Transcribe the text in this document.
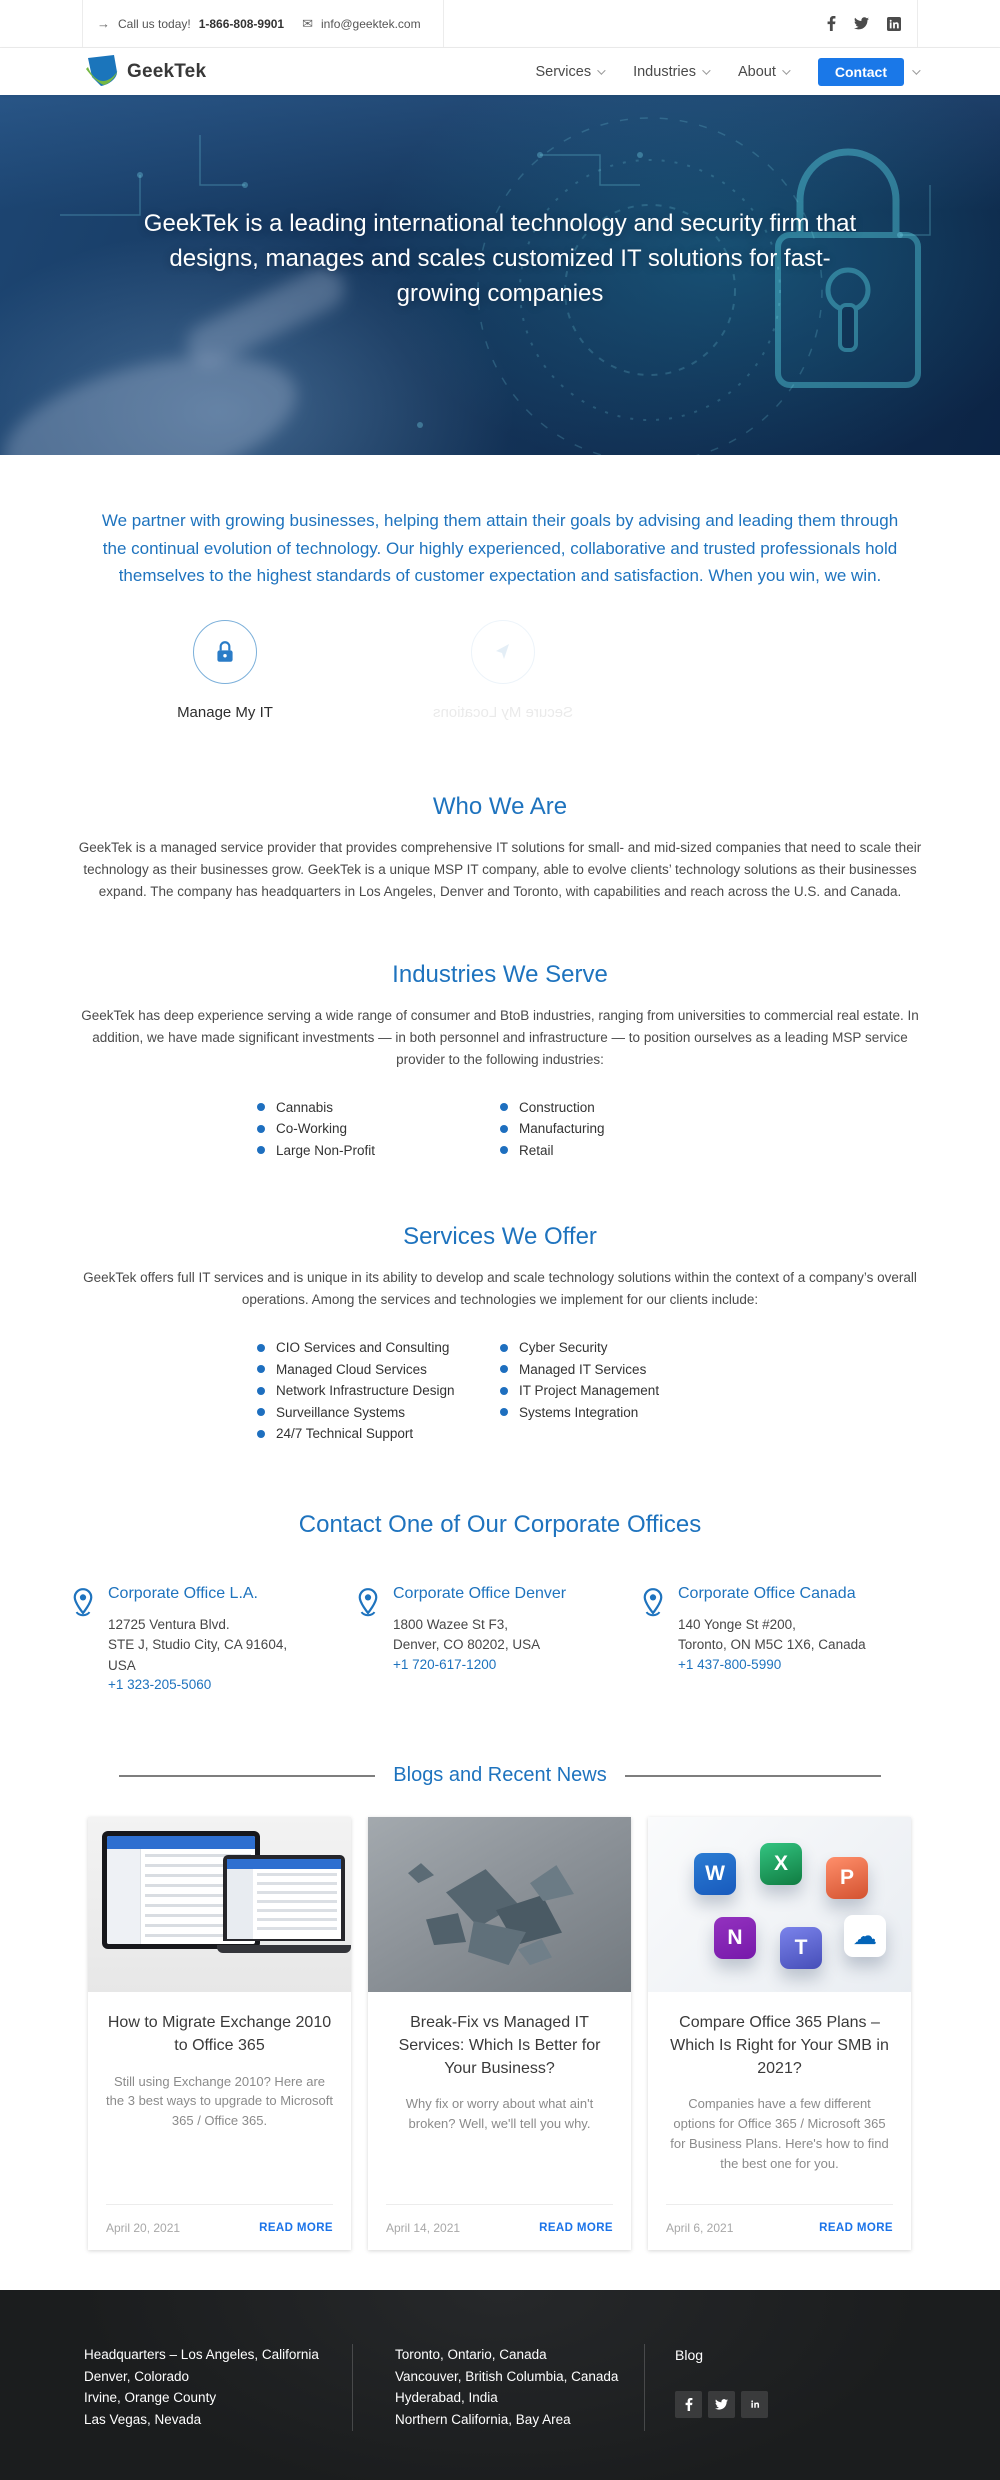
→ Call us today! 1-866-808-9901 ✉ info@geektek.com
GeekTek	Services	Industries	About	Contact
GeekTek is a leading international technology and security firm that designs, manages and scales customized IT solutions for fast-growing companies

We partner with growing businesses, helping them attain their goals by advising and leading them through the continual evolution of technology. Our highly experienced, collaborative and trusted professionals hold themselves to the highest standards of customer expectation and satisfaction. When you win, we win.

Manage My IT	Secure My Locations
Who We Are

GeekTek is a managed service provider that provides comprehensive IT solutions for small- and mid-sized companies that need to scale their technology as their businesses grow. GeekTek is a unique MSP IT company, able to evolve clients’ technology solutions as their businesses expand. The company has headquarters in Los Angeles, Denver and Toronto, with capabilities and reach across the U.S. and Canada.

Industries We Serve

GeekTek has deep experience serving a wide range of consumer and BtoB industries, ranging from universities to commercial real estate. In addition, we have made significant investments — in both personnel and infrastructure — to position ourselves as a leading MSP service provider to the following industries:

Cannabis
Co-Working
Large Non-Profit
Construction
Manufacturing
Retail
Services We Offer

GeekTek offers full IT services and is unique in its ability to develop and scale technology solutions within the context of a company’s overall operations. Among the services and technologies we implement for our clients include:

CIO Services and Consulting
Managed Cloud Services
Network Infrastructure Design
Surveillance Systems
24/7 Technical Support
Cyber Security
Managed IT Services
IT Project Management
Systems Integration
Contact One of Our Corporate Offices
Corporate Office L.A.
12725 Ventura Blvd.
STE J, Studio City, CA 91604,
USA
+1 323-205-5060
Corporate Office Denver
1800 Wazee St F3,
Denver, CO 80202, USA
+1 720-617-1200
Corporate Office Canada
140 Yonge St #200,
Toronto, ON M5C 1X6, Canada
+1 437-800-5990
Blogs and Recent News
How to Migrate Exchange 2010 to Office 365
Still using Exchange 2010? Here are the 3 best ways to upgrade to Microsoft 365 / Office 365.
April 20, 2021	READ MORE
Break-Fix vs Managed IT Services: Which Is Better for Your Business?
Why fix or worry about what ain't broken? Well, we'll tell you why.
April 14, 2021	READ MORE
W	X
P
N	T	☁
Compare Office 365 Plans – Which Is Right for Your SMB in 2021?
Companies have a few different options for Office 365 / Microsoft 365 for Business Plans. Here's how to find the best one for you.
April 6, 2021	READ MORE
Headquarters – Los Angeles, California
Denver, Colorado
Irvine, Orange County
Las Vegas, Nevada
Toronto, Ontario, Canada
Vancouver, British Columbia, Canada
Hyderabad, India
Northern California, Bay Area
Blog
